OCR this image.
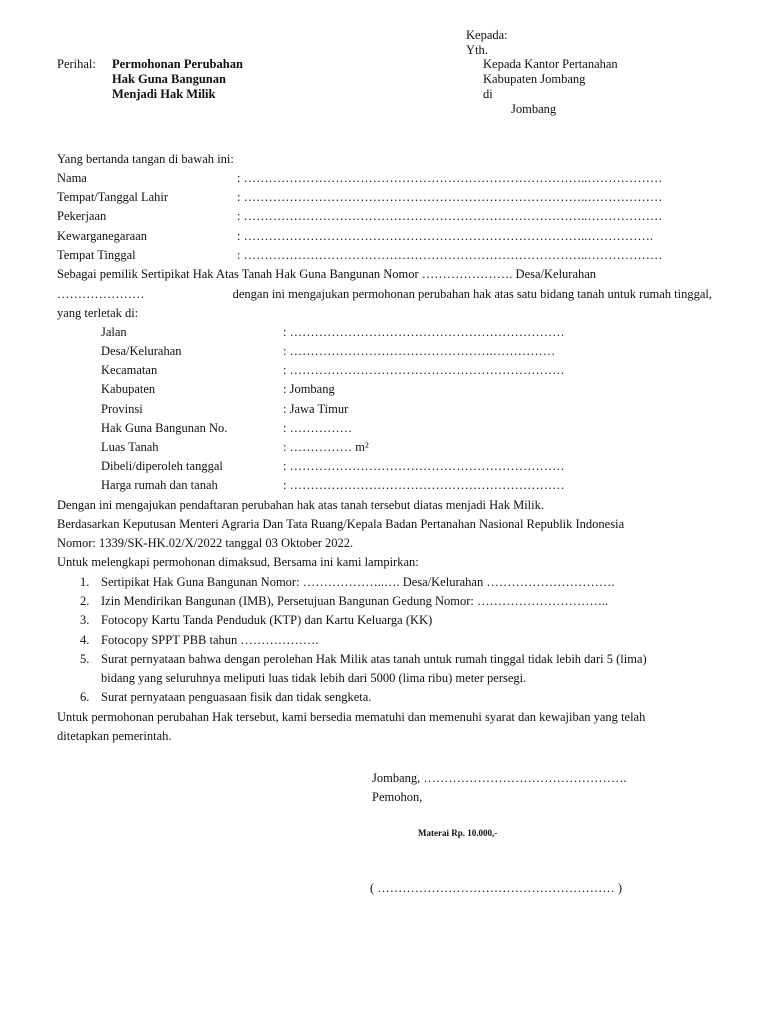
Kepada:
Yth.
Kepada Kantor Pertanahan
Kabupaten Jombang
di
Jombang
Perihal: Permohonan Perubahan
Hak Guna Bangunan
Menjadi Hak Milik
Yang bertanda tangan di bawah ini:
Nama	: ………………………………………………………………………..………………
Tempat/Tanggal Lahir	: ………………………………………………………………………..………………
Pekerjaan	: ………………………………………………………………………..………………
Kewarganegaraan	: ………………………………………………………………………..…………….
Tempat Tinggal	: ………………………………………………………………………..………………
Sebagai pemilik Sertipikat Hak Atas Tanah Hak Guna Bangunan Nomor …………………. Desa/Kelurahan
…………………	dengan ini mengajukan permohonan perubahan hak atas satu bidang tanah untuk rumah tinggal,
yang terletak di:
Jalan	: …………………………………………………………
Desa/Kelurahan	: ………………………………………….……………
Kecamatan	: …………………………………………………………
Kabupaten	: Jombang
Provinsi	: Jawa Timur
Hak Guna Bangunan No.	: ……………
Luas Tanah	: …………… m²
Dibeli/diperoleh tanggal	: …………………………………………………………
Harga rumah dan tanah	: …………………………………………………………
Dengan ini mengajukan pendaftaran perubahan hak atas tanah tersebut diatas menjadi Hak Milik.
Berdasarkan Keputusan Menteri Agraria Dan Tata Ruang/Kepala Badan Pertanahan Nasional Republik Indonesia
Nomor: 1339/SK-HK.02/X/2022 tanggal 03 Oktober 2022.
Untuk melengkapi permohonan dimaksud, Bersama ini kami lampirkan:
1. Sertipikat Hak Guna Bangunan Nomor: ………………..…. Desa/Kelurahan ………………………….
2. Izin Mendirikan Bangunan (IMB), Persetujuan Bangunan Gedung Nomor: …………………………..
3. Fotocopy Kartu Tanda Penduduk (KTP) dan Kartu Keluarga (KK)
4. Fotocopy SPPT PBB tahun ……………….
5. Surat pernyataan bahwa dengan perolehan Hak Milik atas tanah untuk rumah tinggal tidak lebih dari 5 (lima)
bidang yang seluruhnya meliputi luas tidak lebih dari 5000 (lima ribu) meter persegi.
6. Surat pernyataan penguasaan fisik dan tidak sengketa.
Untuk permohonan perubahan Hak tersebut, kami bersedia mematuhi dan memenuhi syarat dan kewajiban yang telah
ditetapkan pemerintah.
Jombang, ………………………………………….
Pemohon,
Materai Rp. 10.000,-
( ………………………………………………… )
